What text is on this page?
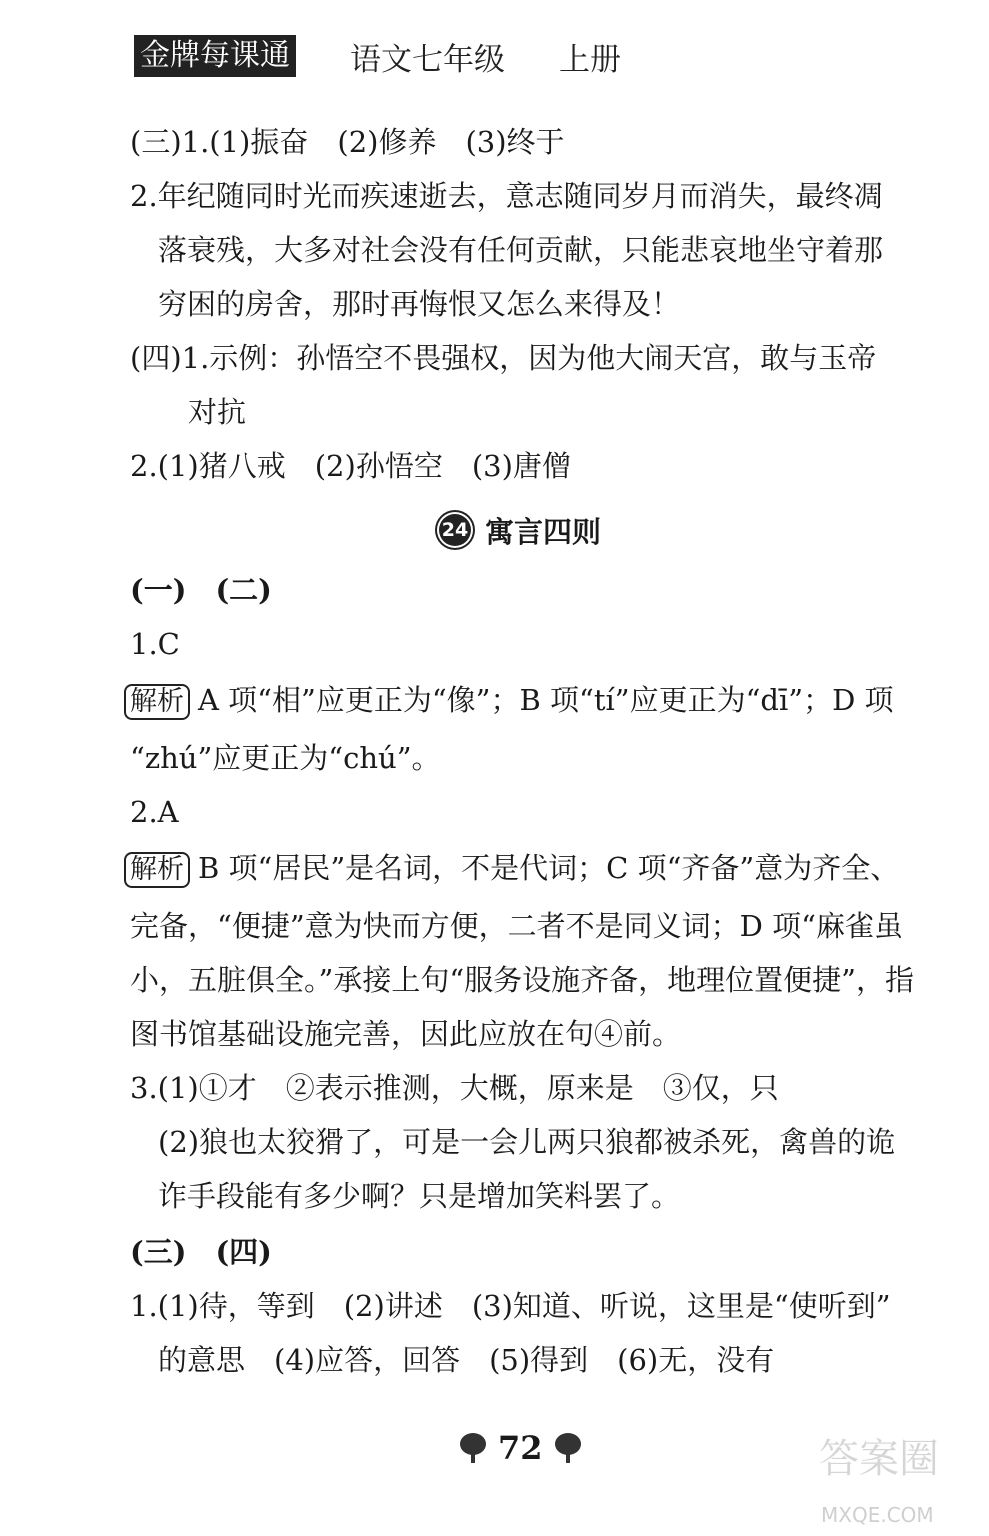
金牌每课通 语文七年级 上册
(三)1.(1)振奋　(2)修养　(3)终于
2.年纪随同时光而疾速逝去，意志随同岁月而消失，最终凋
落衰残，大多对社会没有任何贡献，只能悲哀地坐守着那
穷困的房舍，那时再悔恨又怎么来得及！
(四)1.示例：孙悟空不畏强权，因为他大闹天宫，敢与玉帝
对抗
2.(1)猪八戒　(2)孙悟空　(3)唐僧
24 寓言四则
(一)　(二)
1.C
解析 A 项“相”应更正为“像”；B 项“tí”应更正为“dī”；D 项
“zhú”应更正为“chú”。
2.A
解析 B 项“居民”是名词，不是代词；C 项“齐备”意为齐全、
完备，“便捷”意为快而方便，二者不是同义词；D 项“麻雀虽
小，五脏俱全。”承接上句“服务设施齐备，地理位置便捷”，指
图书馆基础设施完善，因此应放在句④前。
3.(1)①才　②表示推测，大概，原来是　③仅，只
(2)狼也太狡猾了，可是一会儿两只狼都被杀死，禽兽的诡
诈手段能有多少啊？只是增加笑料罢了。
(三)　(四)
1.(1)待，等到　(2)讲述　(3)知道、听说，这里是“使听到”
的意思　(4)应答，回答　(5)得到　(6)无，没有
72	答案圈
MXQE.COM
